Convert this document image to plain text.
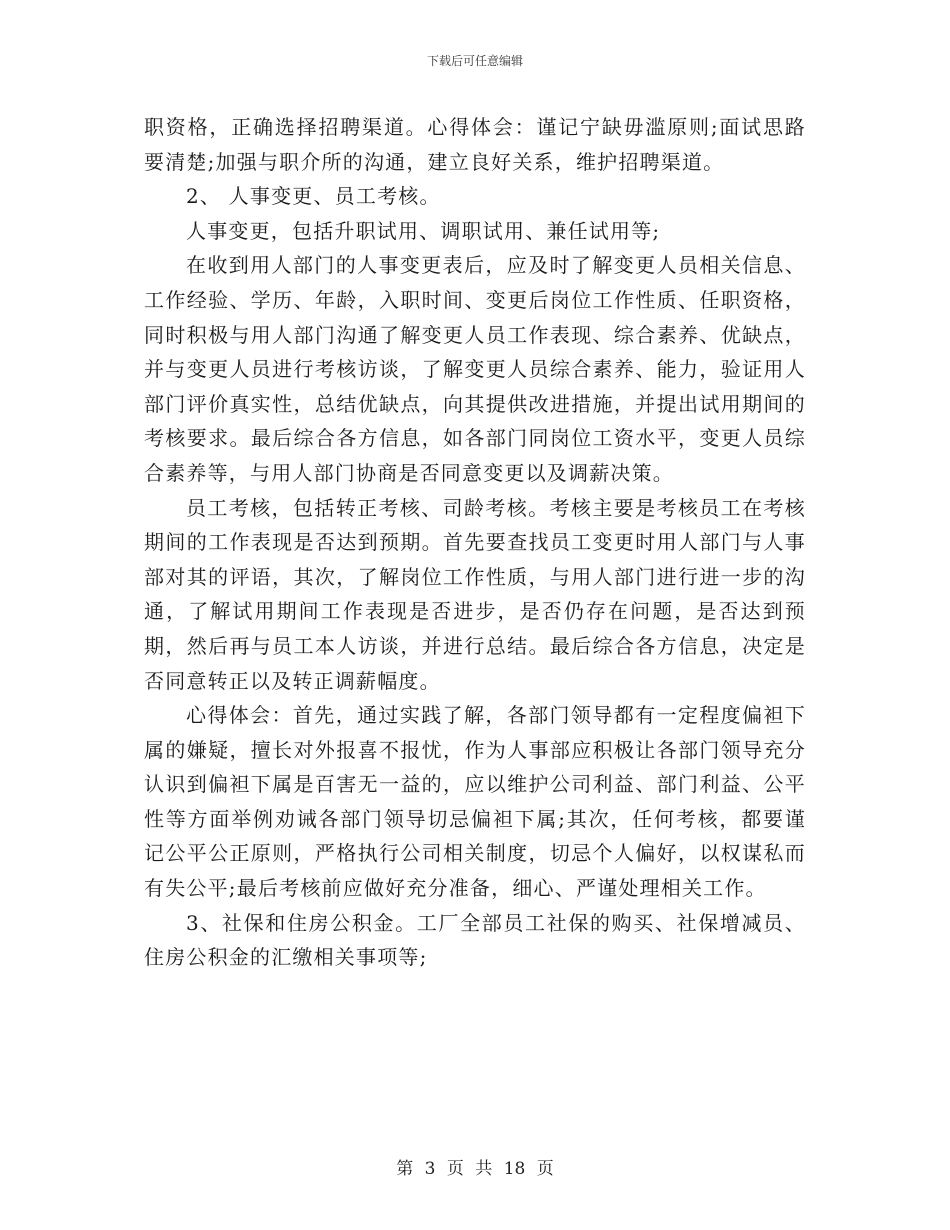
下载后可任意编辑

职资格，正确选择招聘渠道。心得体会：谨记宁缺毋滥原则;面试思路要清楚;加强与职介所的沟通，建立良好关系，维护招聘渠道。

2、 人事变更、员工考核。

人事变更，包括升职试用、调职试用、兼任试用等;

在收到用人部门的人事变更表后，应及时了解变更人员相关信息、工作经验、学历、年龄，入职时间、变更后岗位工作性质、任职资格，同时积极与用人部门沟通了解变更人员工作表现、综合素养、优缺点，并与变更人员进行考核访谈，了解变更人员综合素养、能力，验证用人部门评价真实性，总结优缺点，向其提供改进措施，并提出试用期间的考核要求。最后综合各方信息，如各部门同岗位工资水平，变更人员综合素养等，与用人部门协商是否同意变更以及调薪决策。

员工考核，包括转正考核、司龄考核。考核主要是考核员工在考核期间的工作表现是否达到预期。首先要查找员工变更时用人部门与人事部对其的评语，其次，了解岗位工作性质，与用人部门进行进一步的沟通，了解试用期间工作表现是否进步，是否仍存在问题，是否达到预期，然后再与员工本人访谈，并进行总结。最后综合各方信息，决定是否同意转正以及转正调薪幅度。

心得体会：首先，通过实践了解，各部门领导都有一定程度偏袒下属的嫌疑，擅长对外报喜不报忧，作为人事部应积极让各部门领导充分认识到偏袒下属是百害无一益的，应以维护公司利益、部门利益、公平性等方面举例劝诫各部门领导切忌偏袒下属;其次，任何考核，都要谨记公平公正原则，严格执行公司相关制度，切忌个人偏好，以权谋私而有失公平;最后考核前应做好充分准备，细心、严谨处理相关工作。

3、社保和住房公积金。工厂全部员工社保的购买、社保增减员、住房公积金的汇缴相关事项等;

第 3 页 共 18 页
